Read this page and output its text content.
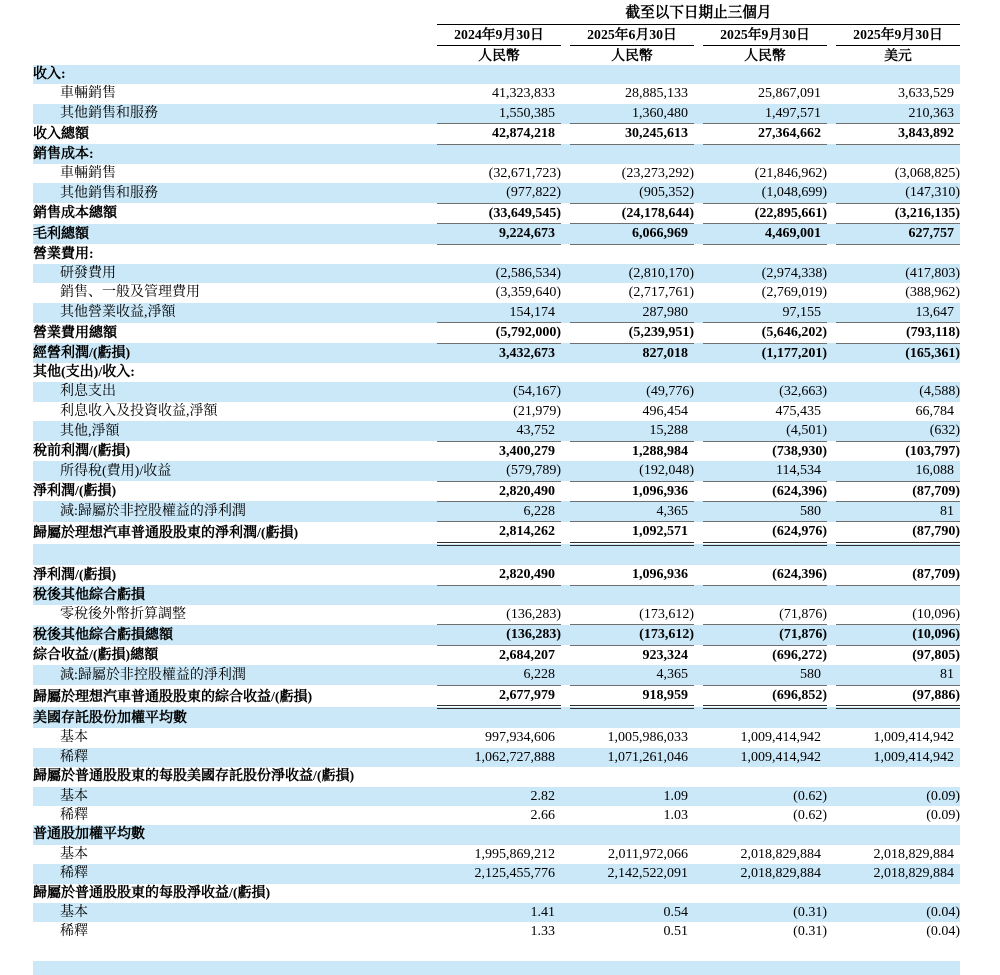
	截至以下日期止三個月						
	2024年9月30日		2025年6月30日		2025年9月30日		2025年9月30日
	人民幣		人民幣		人民幣		美元
收入:							
車輛銷售	41,323,833		28,885,133		25,867,091		3,633,529
其他銷售和服務	1,550,385		1,360,480		1,497,571		210,363
收入總額	42,874,218		30,245,613		27,364,662		3,843,892
銷售成本:							
車輛銷售	(32,671,723)		(23,273,292)		(21,846,962)		(3,068,825)
其他銷售和服務	(977,822)		(905,352)		(1,048,699)		(147,310)
銷售成本總額	(33,649,545)		(24,178,644)		(22,895,661)		(3,216,135)
毛利總額	9,224,673		6,066,969		4,469,001		627,757
營業費用:							
研發費用	(2,586,534)		(2,810,170)		(2,974,338)		(417,803)
銷售、一般及管理費用	(3,359,640)		(2,717,761)		(2,769,019)		(388,962)
其他營業收益,淨額	154,174		287,980		97,155		13,647
營業費用總額	(5,792,000)		(5,239,951)		(5,646,202)		(793,118)
經營利潤/(虧損)	3,432,673		827,018		(1,177,201)		(165,361)
其他(支出)/收入:							
利息支出	(54,167)		(49,776)		(32,663)		(4,588)
利息收入及投資收益,淨額	(21,979)		496,454		475,435		66,784
其他,淨額	43,752		15,288		(4,501)		(632)
稅前利潤/(虧損)	3,400,279		1,288,984		(738,930)		(103,797)
所得稅(費用)/收益	(579,789)		(192,048)		114,534		16,088
淨利潤/(虧損)	2,820,490		1,096,936		(624,396)		(87,709)
減:歸屬於非控股權益的淨利潤	6,228		4,365		580		81
歸屬於理想汽車普通股股東的淨利潤/(虧損)	2,814,262		1,092,571		(624,976)		(87,790)

淨利潤/(虧損)	2,820,490		1,096,936		(624,396)		(87,709)
稅後其他綜合虧損							
零稅後外幣折算調整	(136,283)		(173,612)		(71,876)		(10,096)
稅後其他綜合虧損總額	(136,283)		(173,612)		(71,876)		(10,096)
綜合收益/(虧損)總額	2,684,207		923,324		(696,272)		(97,805)
減:歸屬於非控股權益的淨利潤	6,228		4,365		580		81
歸屬於理想汽車普通股股東的綜合收益/(虧損)	2,677,979		918,959		(696,852)		(97,886)
美國存託股份加權平均數							
基本	997,934,606		1,005,986,033		1,009,414,942		1,009,414,942
稀釋	1,062,727,888		1,071,261,046		1,009,414,942		1,009,414,942
歸屬於普通股股東的每股美國存託股份淨收益/(虧損)							
基本	2.82		1.09		(0.62)		(0.09)
稀釋	2.66		1.03		(0.62)		(0.09)
普通股加權平均數							
基本	1,995,869,212		2,011,972,066		2,018,829,884		2,018,829,884
稀釋	2,125,455,776		2,142,522,091		2,018,829,884		2,018,829,884
歸屬於普通股股東的每股淨收益/(虧損)							
基本	1.41		0.54		(0.31)		(0.04)
稀釋	1.33		0.51		(0.31)		(0.04)
